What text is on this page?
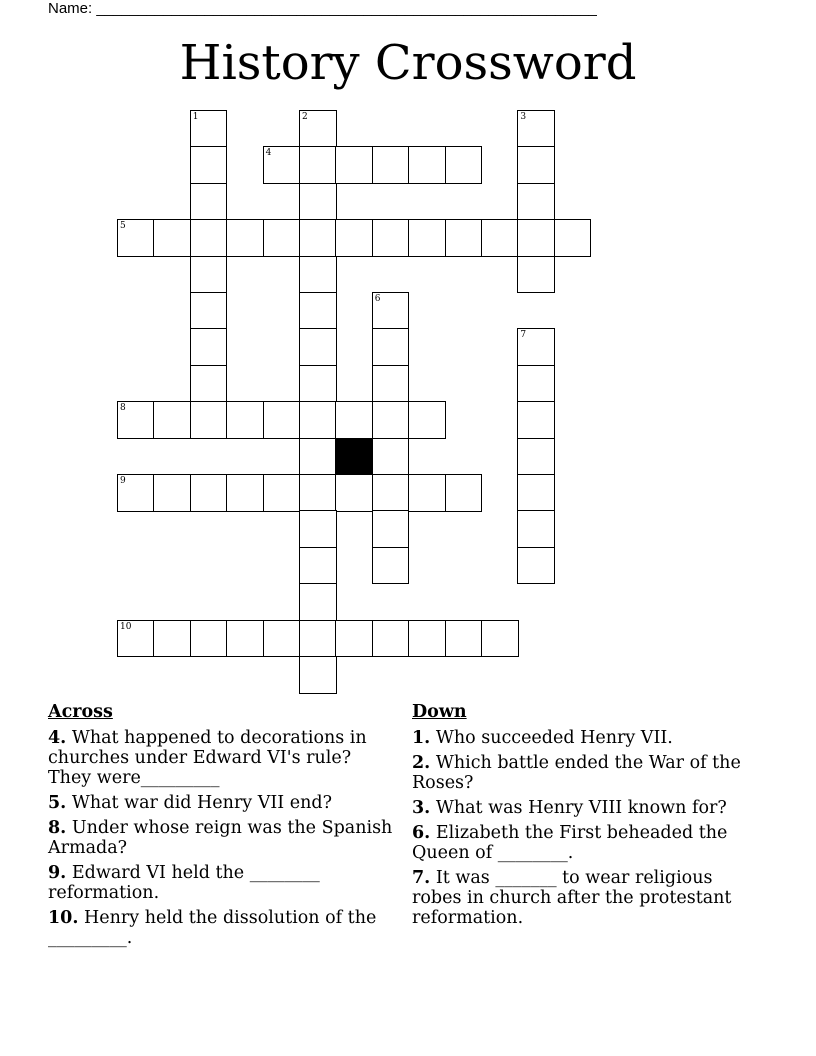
Name: ____________________________________________________________
History Crossword
1	2	3
4
5
6
7
8
9
10
Across
4. What happened to decorations in churches under Edward VI's rule? They were_________
5. What war did Henry VII end?
8. Under whose reign was the Spanish Armada?
9. Edward VI held the ________ reformation.
10. Henry held the dissolution of the _________.
Down
1. Who succeeded Henry VII.
2. Which battle ended the War of the Roses?
3. What was Henry VIII known for?
6. Elizabeth the First beheaded the Queen of ________.
7. It was _______ to wear religious robes in church after the protestant reformation.
